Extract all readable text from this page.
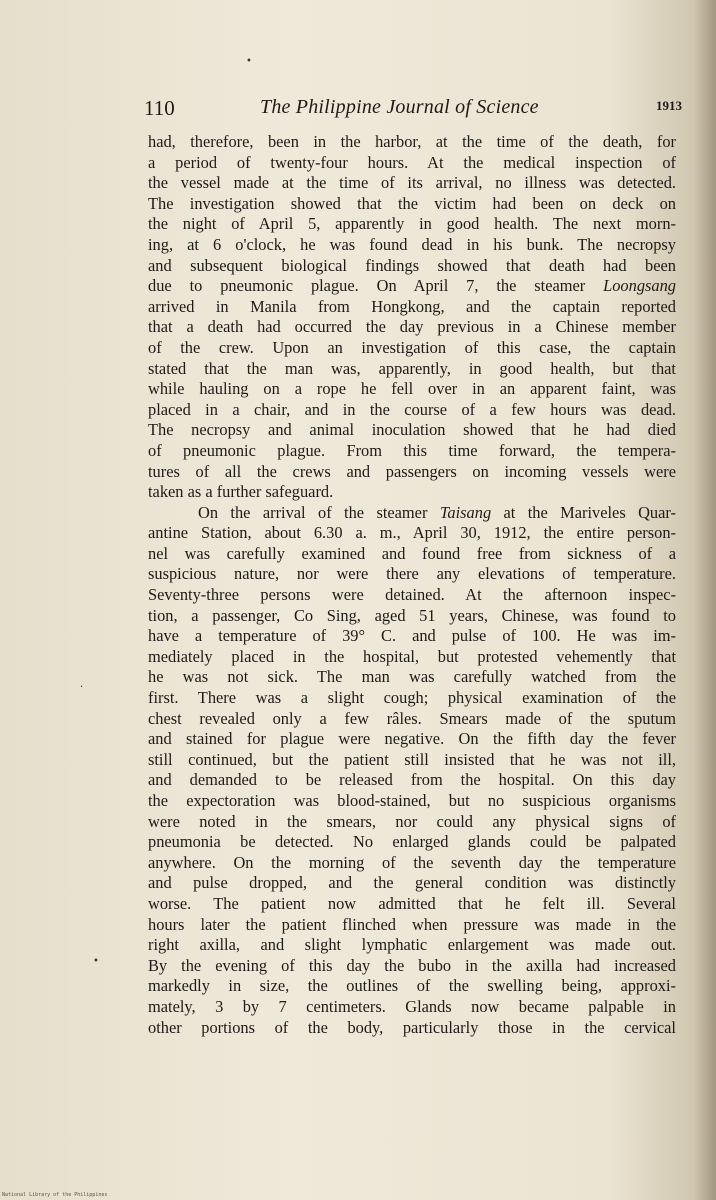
•
•
·
110	The Philippine Journal of Science	1913
had, therefore, been in the harbor, at the time of the death, for
a period of twenty-four hours. At the medical inspection of
the vessel made at the time of its arrival, no illness was detected.
The investigation showed that the victim had been on deck on
the night of April 5, apparently in good health. The next morn-
ing, at 6 o'clock, he was found dead in his bunk. The necropsy
and subsequent biological findings showed that death had been
due to pneumonic plague. On April 7, the steamer Loongsang
arrived in Manila from Hongkong, and the captain reported
that a death had occurred the day previous in a Chinese member
of the crew. Upon an investigation of this case, the captain
stated that the man was, apparently, in good health, but that
while hauling on a rope he fell over in an apparent faint, was
placed in a chair, and in the course of a few hours was dead.
The necropsy and animal inoculation showed that he had died
of pneumonic plague. From this time forward, the tempera-
tures of all the crews and passengers on incoming vessels were
taken as a further safeguard.
On the arrival of the steamer Taisang at the Mariveles Quar-
antine Station, about 6.30 a. m., April 30, 1912, the entire person-
nel was carefully examined and found free from sickness of a
suspicious nature, nor were there any elevations of temperature.
Seventy-three persons were detained. At the afternoon inspec-
tion, a passenger, Co Sing, aged 51 years, Chinese, was found to
have a temperature of 39° C. and pulse of 100. He was im-
mediately placed in the hospital, but protested vehemently that
he was not sick. The man was carefully watched from the
first. There was a slight cough; physical examination of the
chest revealed only a few râles. Smears made of the sputum
and stained for plague were negative. On the fifth day the fever
still continued, but the patient still insisted that he was not ill,
and demanded to be released from the hospital. On this day
the expectoration was blood-stained, but no suspicious organisms
were noted in the smears, nor could any physical signs of
pneumonia be detected. No enlarged glands could be palpated
anywhere. On the morning of the seventh day the temperature
and pulse dropped, and the general condition was distinctly
worse. The patient now admitted that he felt ill. Several
hours later the patient flinched when pressure was made in the
right axilla, and slight lymphatic enlargement was made out.
By the evening of this day the bubo in the axilla had increased
markedly in size, the outlines of the swelling being, approxi-
mately, 3 by 7 centimeters. Glands now became palpable in
other portions of the body, particularly those in the cervical
National Library of the Philippines
